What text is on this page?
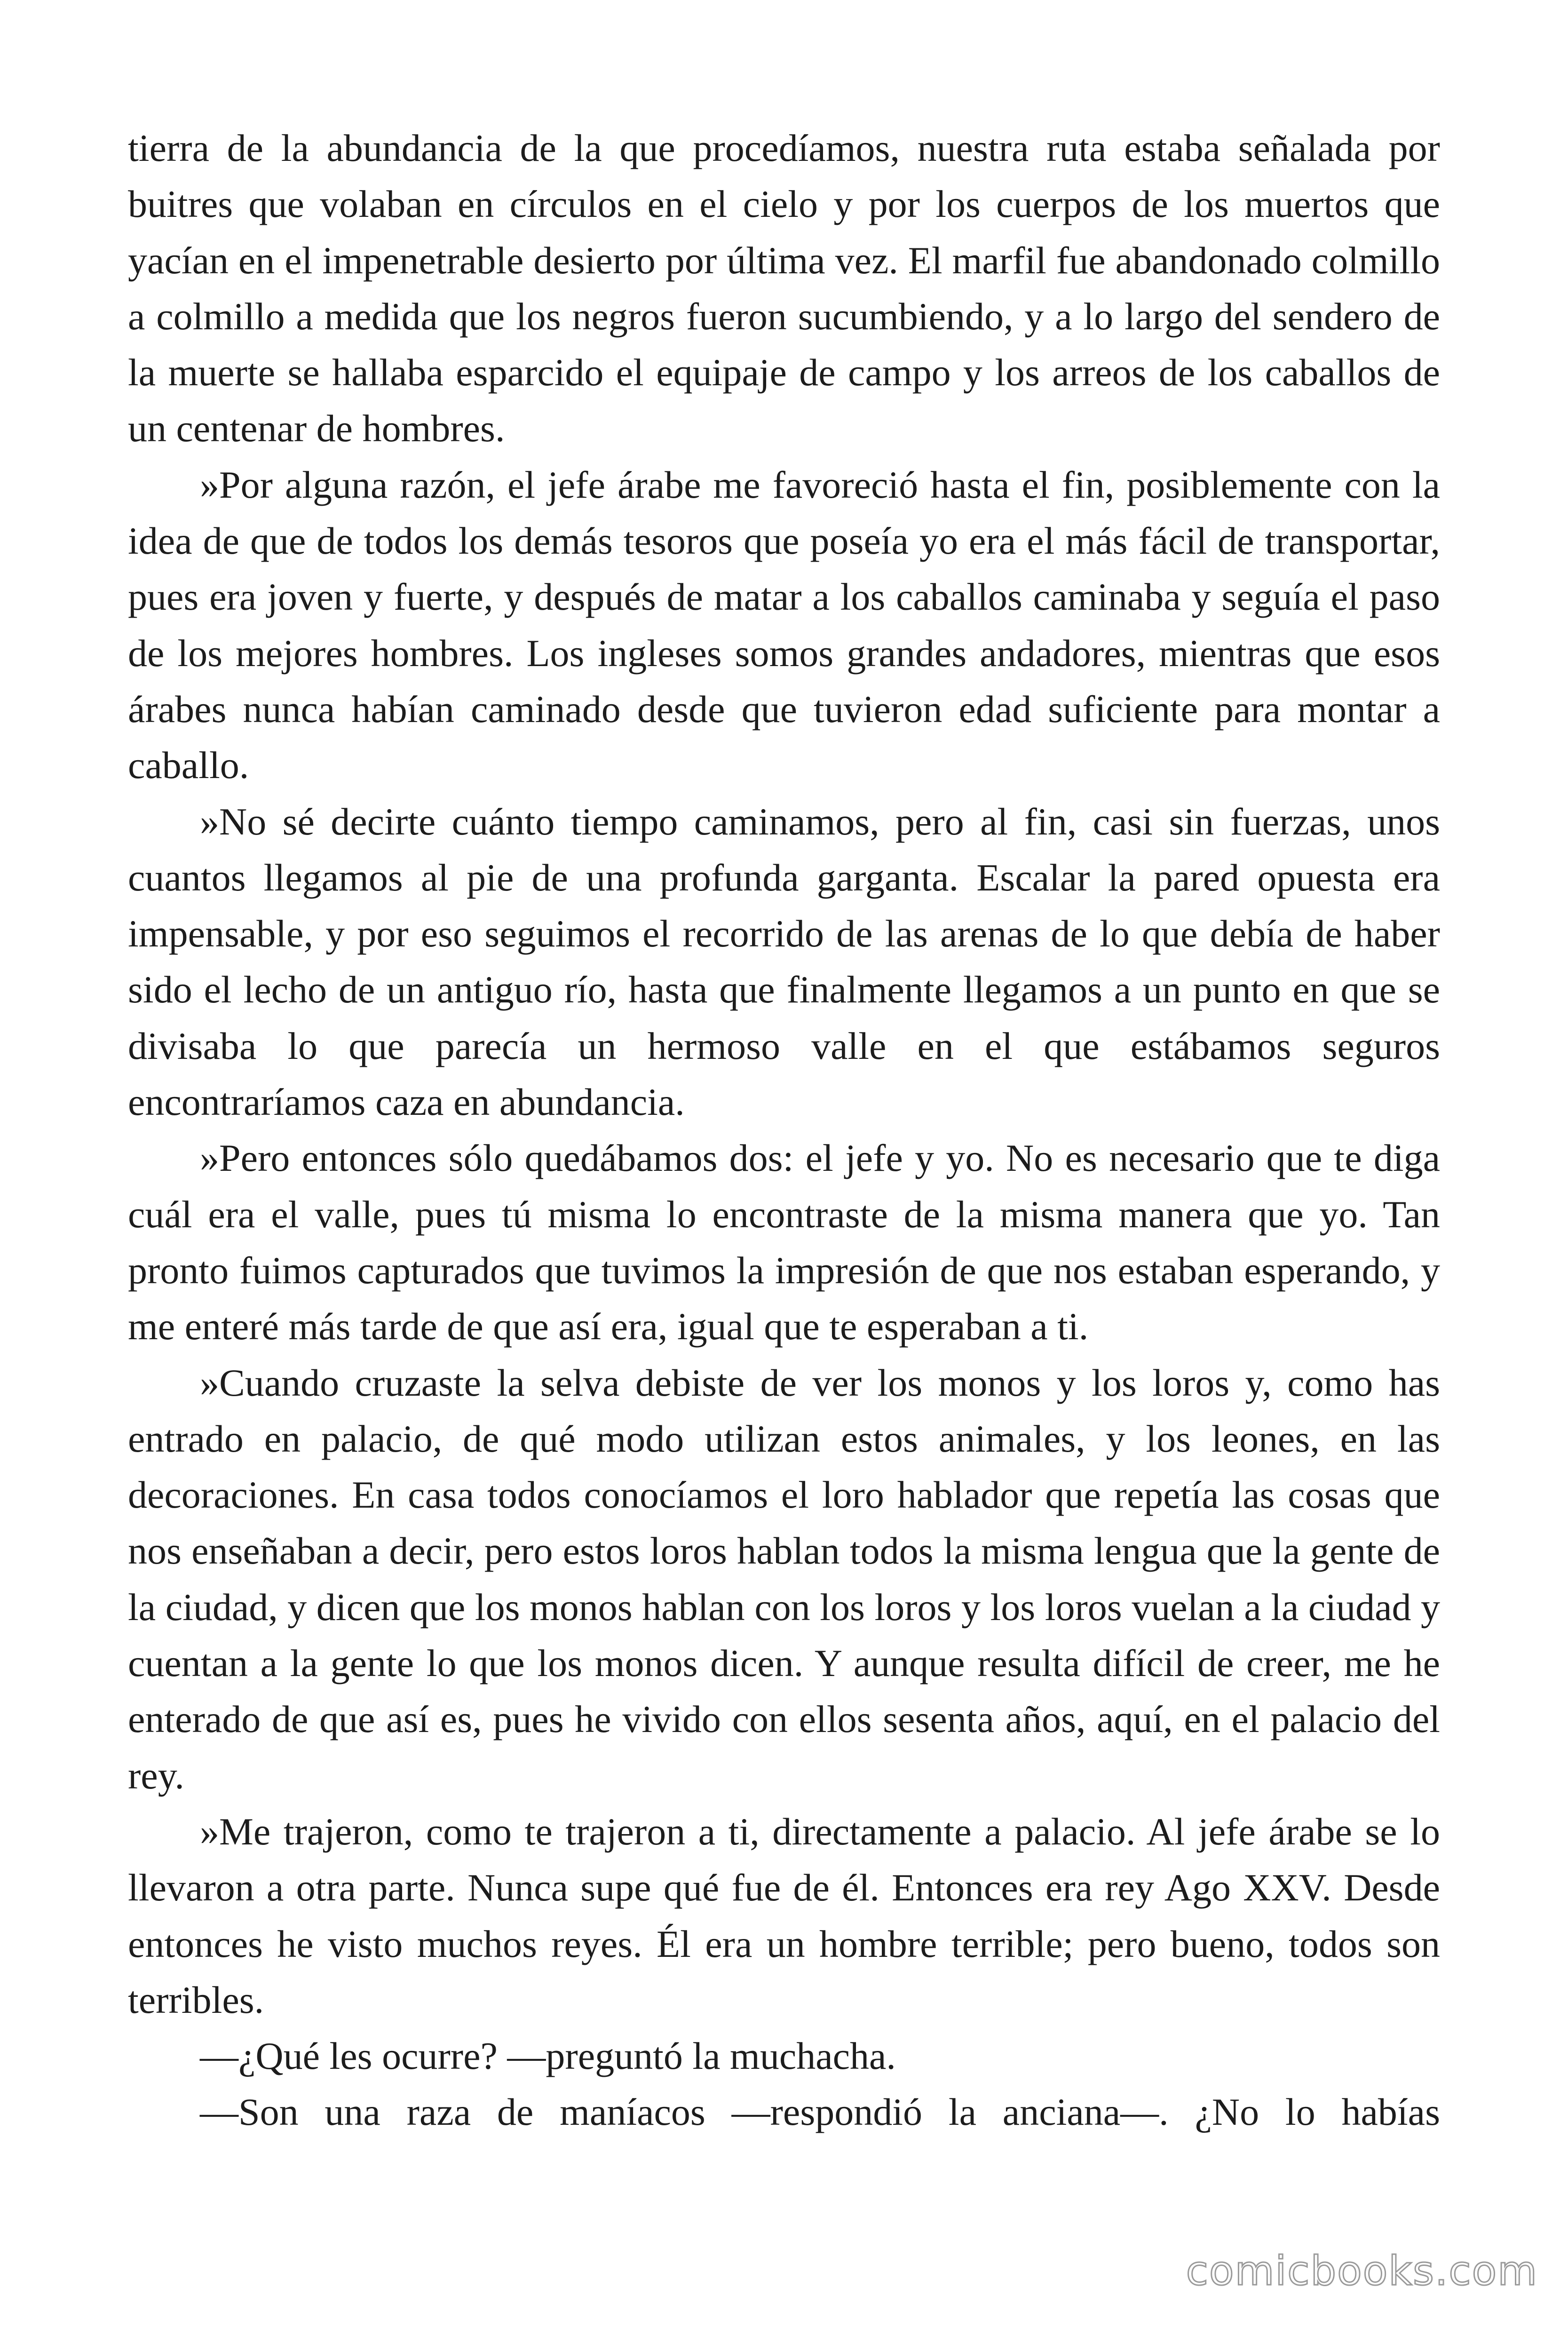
tierra de la abundancia de la que procedíamos, nuestra ruta estaba señalada por buitres que volaban en círculos en el cielo y por los cuerpos de los muertos que yacían en el impenetrable desierto por última vez. El marfil fue abandonado colmillo a colmillo a medida que los negros fueron sucumbiendo, y a lo largo del sendero de la muerte se hallaba esparcido el equipaje de campo y los arreos de los caballos de un centenar de hombres.

»Por alguna razón, el jefe árabe me favoreció hasta el fin, posiblemente con la idea de que de todos los demás tesoros que poseía yo era el más fácil de transportar, pues era joven y fuerte, y después de matar a los caballos caminaba y seguía el paso de los mejores hombres. Los ingleses somos grandes andadores, mientras que esos árabes nunca habían caminado desde que tuvieron edad suficiente para montar a caballo.

»No sé decirte cuánto tiempo caminamos, pero al fin, casi sin fuerzas, unos cuantos llegamos al pie de una profunda garganta. Escalar la pared opuesta era impensable, y por eso seguimos el recorrido de las arenas de lo que debía de haber sido el lecho de un antiguo río, hasta que finalmente llegamos a un punto en que se divisaba lo que parecía un hermoso valle en el que estábamos seguros encontraríamos caza en abundancia.

»Pero entonces sólo quedábamos dos: el jefe y yo. No es necesario que te diga cuál era el valle, pues tú misma lo encontraste de la misma manera que yo. Tan pronto fuimos capturados que tuvimos la impresión de que nos estaban esperando, y me enteré más tarde de que así era, igual que te esperaban a ti.

»Cuando cruzaste la selva debiste de ver los monos y los loros y, como has entrado en palacio, de qué modo utilizan estos animales, y los leones, en las decoraciones. En casa todos conocíamos el loro hablador que repetía las cosas que nos enseñaban a decir, pero estos loros hablan todos la misma lengua que la gente de la ciudad, y dicen que los monos hablan con los loros y los loros vuelan a la ciudad y cuentan a la gente lo que los monos dicen. Y aunque resulta difícil de creer, me he enterado de que así es, pues he vivido con ellos sesenta años, aquí, en el palacio del rey.

»Me trajeron, como te trajeron a ti, directamente a palacio. Al jefe árabe se lo llevaron a otra parte. Nunca supe qué fue de él. Entonces era rey Ago XXV. Desde entonces he visto muchos reyes. Él era un hombre terrible; pero bueno, todos son terribles.

—¿Qué les ocurre? —preguntó la muchacha.

—Son una raza de maníacos —respondió la anciana—. ¿No lo habías

comicbooks.com
